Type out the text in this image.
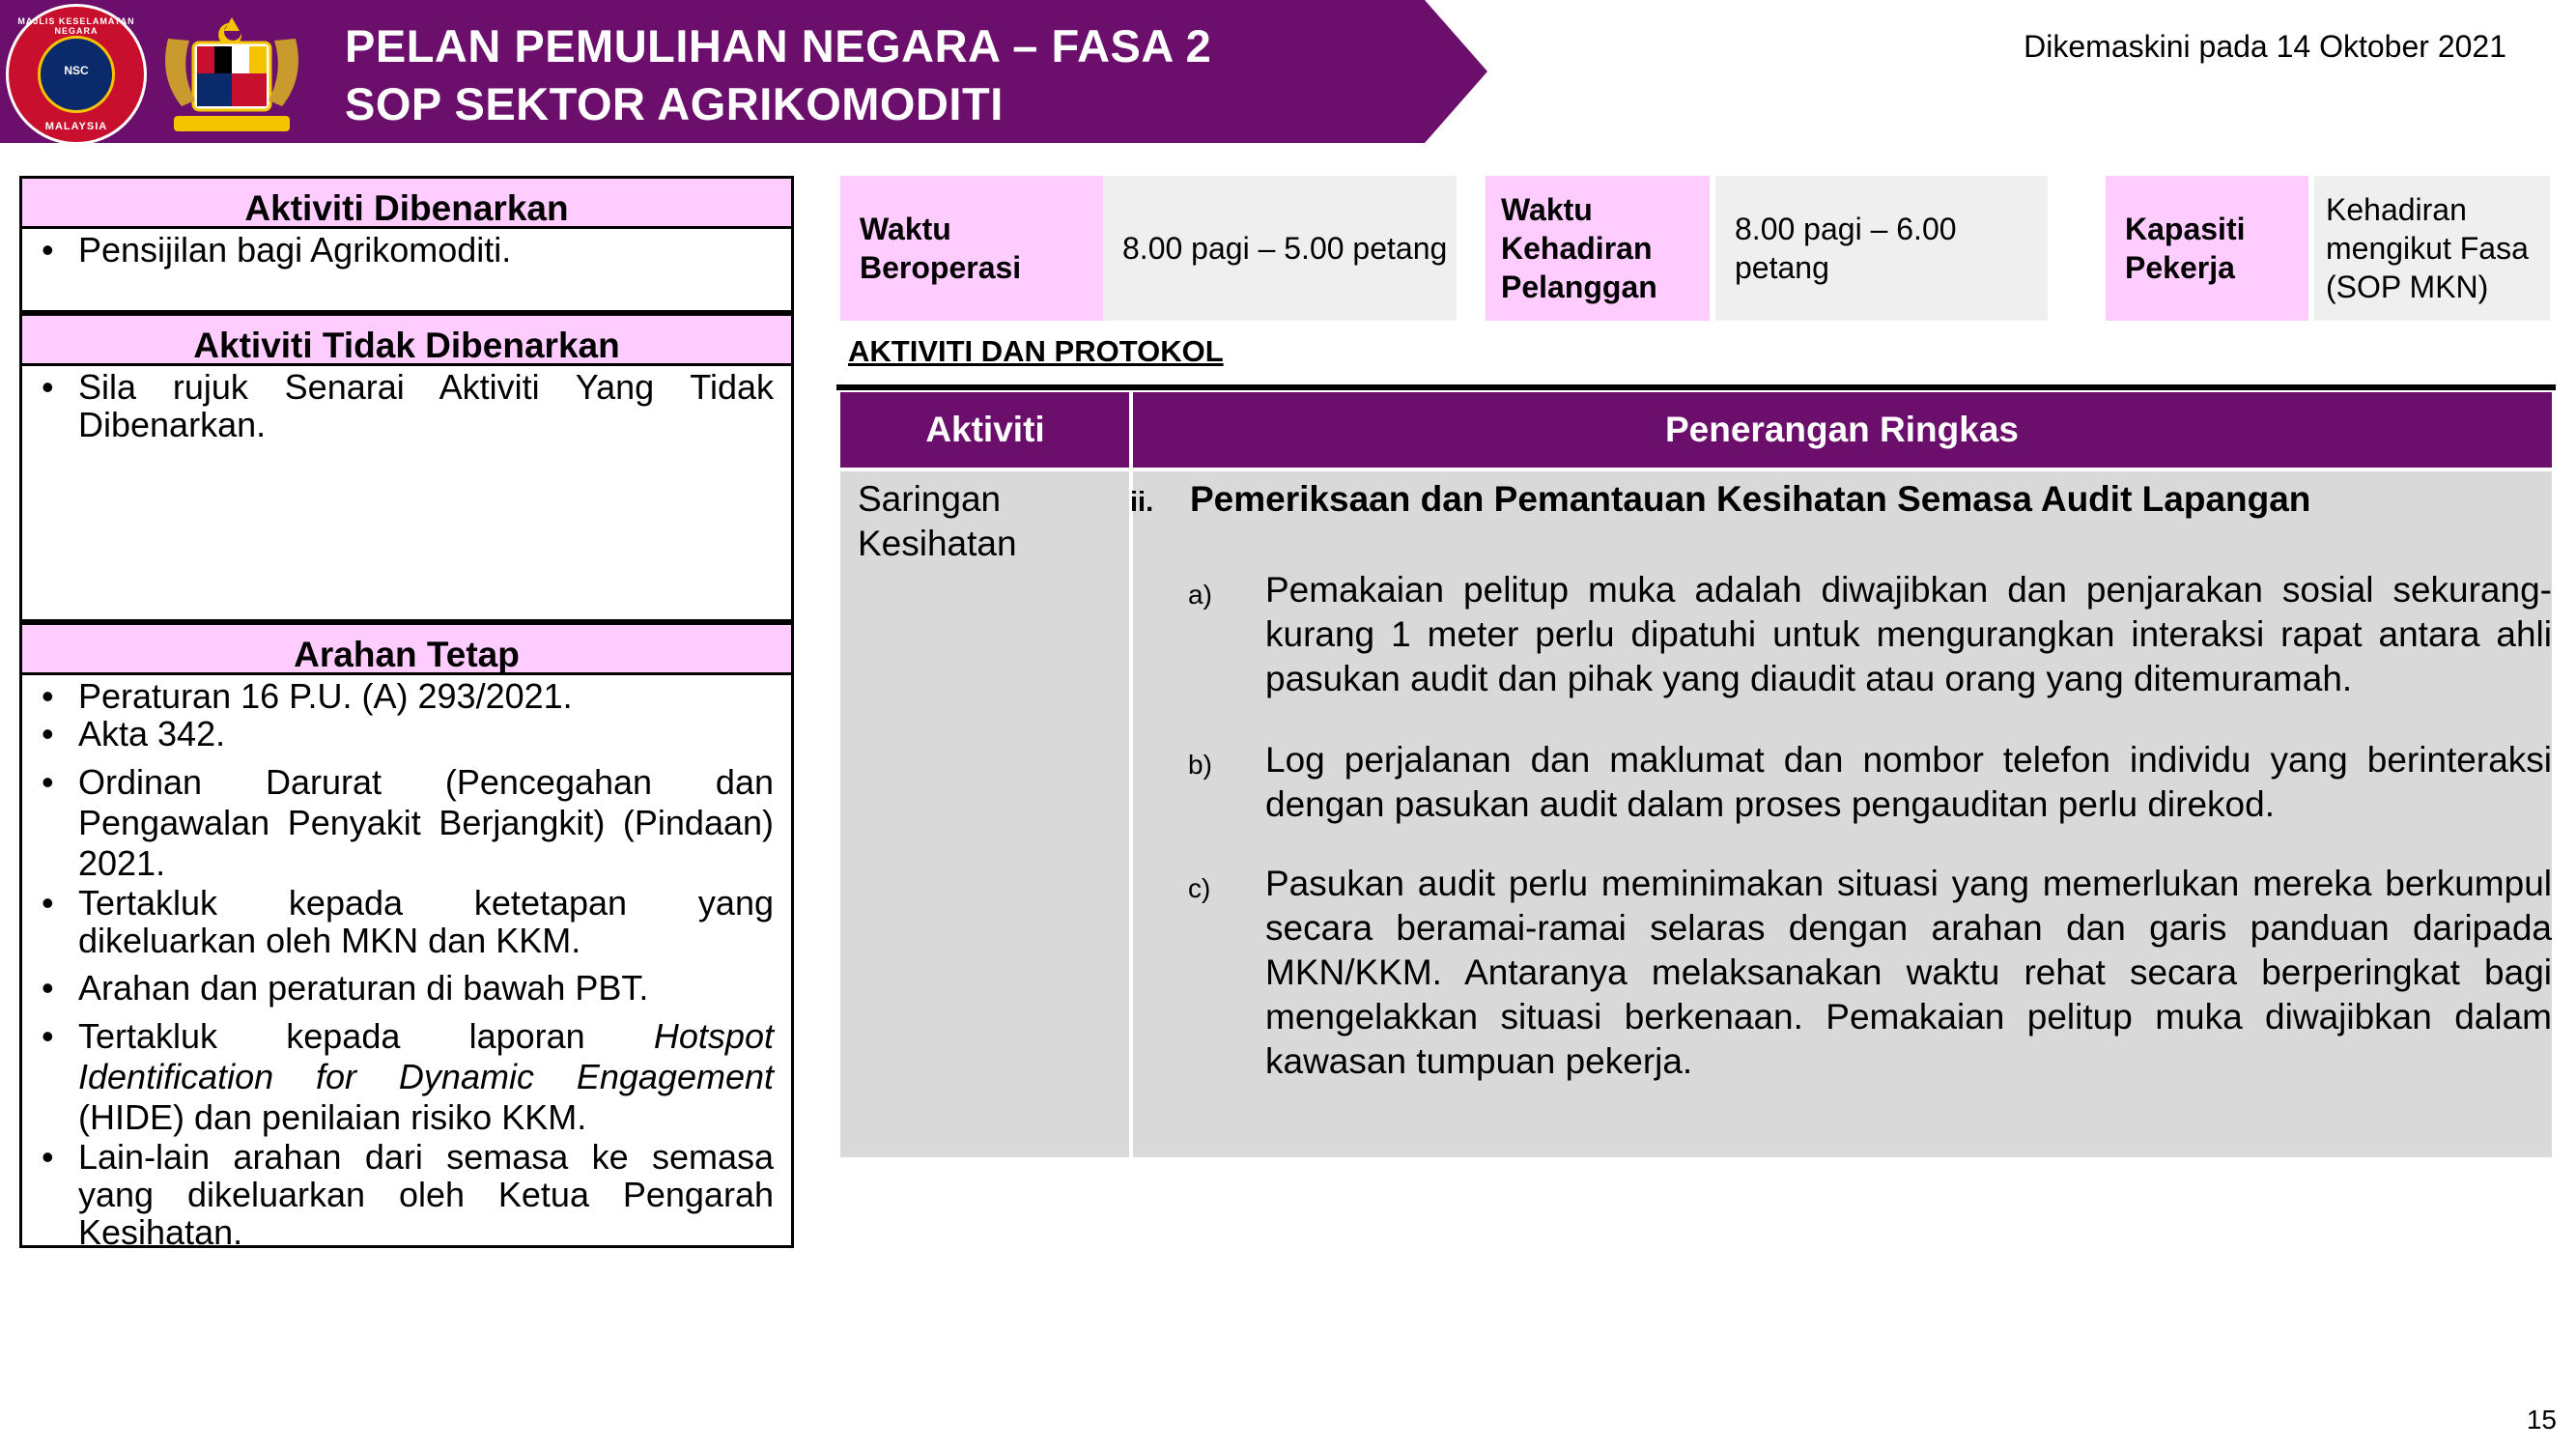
MAJLIS KESELAMATAN NEGARA
NSC
MALAYSIA
PELAN PEMULIHAN NEGARA – FASA 2
SOP SEKTOR AGRIKOMODITI
Dikemaskini pada 14 Oktober 2021
Aktiviti Dibenarkan
• Pensijilan bagi Agrikomoditi.
Aktiviti Tidak Dibenarkan
• Sila rujuk Senarai Aktiviti Yang Tidak Dibenarkan.
Arahan Tetap
• Peraturan 16 P.U. (A) 293/2021.
• Akta 342.
• Ordinan Darurat (Pencegahan dan Pengawalan Penyakit Berjangkit) (Pindaan) 2021.
• Tertakluk kepada ketetapan yang dikeluarkan oleh MKN dan KKM.
• Arahan dan peraturan di bawah PBT.
• Tertakluk kepada laporan Hotspot Identification for Dynamic Engagement (HIDE) dan penilaian risiko KKM.
• Lain-lain arahan dari semasa ke semasa yang dikeluarkan oleh Ketua Pengarah Kesihatan.
Waktu Beroperasi
8.00 pagi – 5.00 petang
Waktu Kehadiran Pelanggan
8.00 pagi – 6.00 petang
Kapasiti Pekerja
Kehadiran mengikut Fasa (SOP MKN)
AKTIVITI DAN PROTOKOL
Aktiviti	Penerangan Ringkas
Saringan Kesihatan
ii. Pemeriksaan dan Pemantauan Kesihatan Semasa Audit Lapangan
a) Pemakaian pelitup muka adalah diwajibkan dan penjarakan sosial sekurang-kurang 1 meter perlu dipatuhi untuk mengurangkan interaksi rapat antara ahli pasukan audit dan pihak yang diaudit atau orang yang ditemuramah.
b) Log perjalanan dan maklumat dan nombor telefon individu yang berinteraksi dengan pasukan audit dalam proses pengauditan perlu direkod.
c) Pasukan audit perlu meminimakan situasi yang memerlukan mereka berkumpul secara beramai-ramai selaras dengan arahan dan garis panduan daripada MKN/KKM. Antaranya melaksanakan waktu rehat secara berperingkat bagi mengelakkan situasi berkenaan. Pemakaian pelitup muka diwajibkan dalam kawasan tumpuan pekerja.
15
